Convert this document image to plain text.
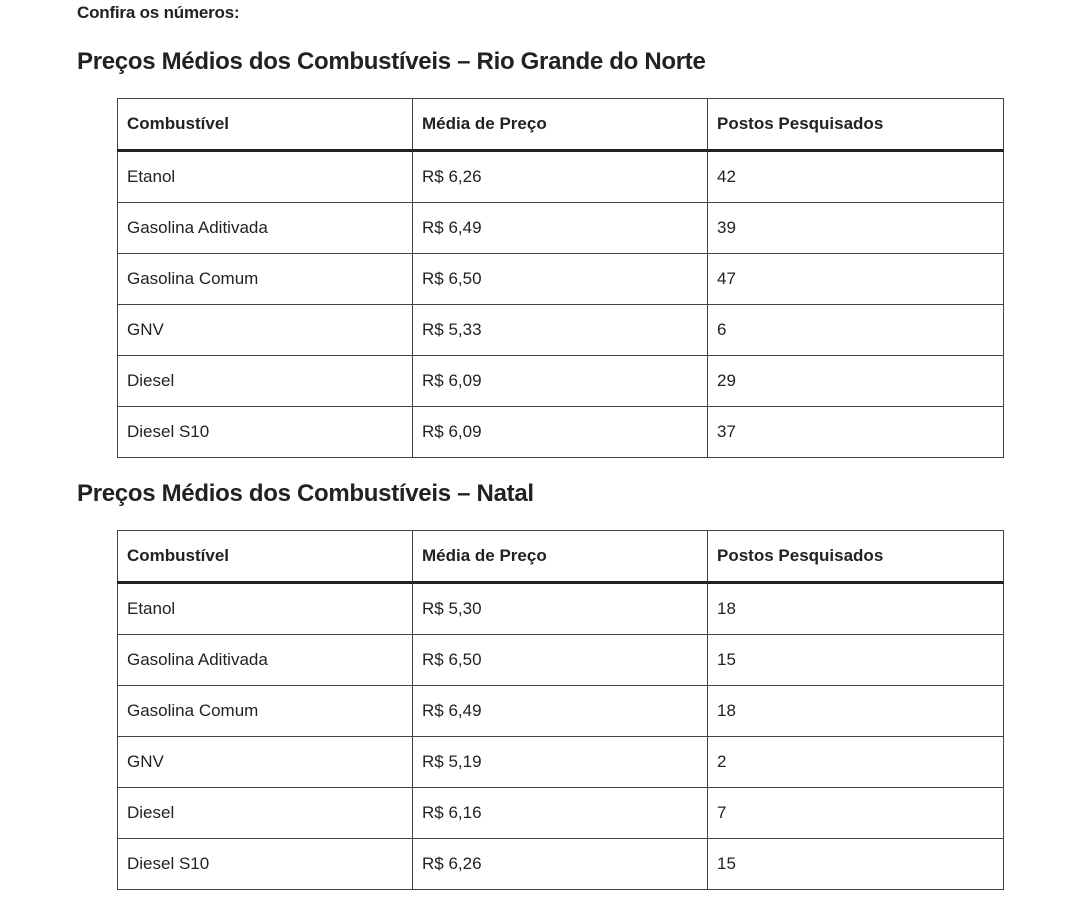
Confira os números:

Preços Médios dos Combustíveis – Rio Grande do Norte
Combustível	Média de Preço	Postos Pesquisados
Etanol	R$ 6,26	42
Gasolina Aditivada	R$ 6,49	39
Gasolina Comum	R$ 6,50	47
GNV	R$ 5,33	6
Diesel	R$ 6,09	29
Diesel S10	R$ 6,09	37
Preços Médios dos Combustíveis – Natal
Combustível	Média de Preço	Postos Pesquisados
Etanol	R$ 5,30	18
Gasolina Aditivada	R$ 6,50	15
Gasolina Comum	R$ 6,49	18
GNV	R$ 5,19	2
Diesel	R$ 6,16	7
Diesel S10	R$ 6,26	15
